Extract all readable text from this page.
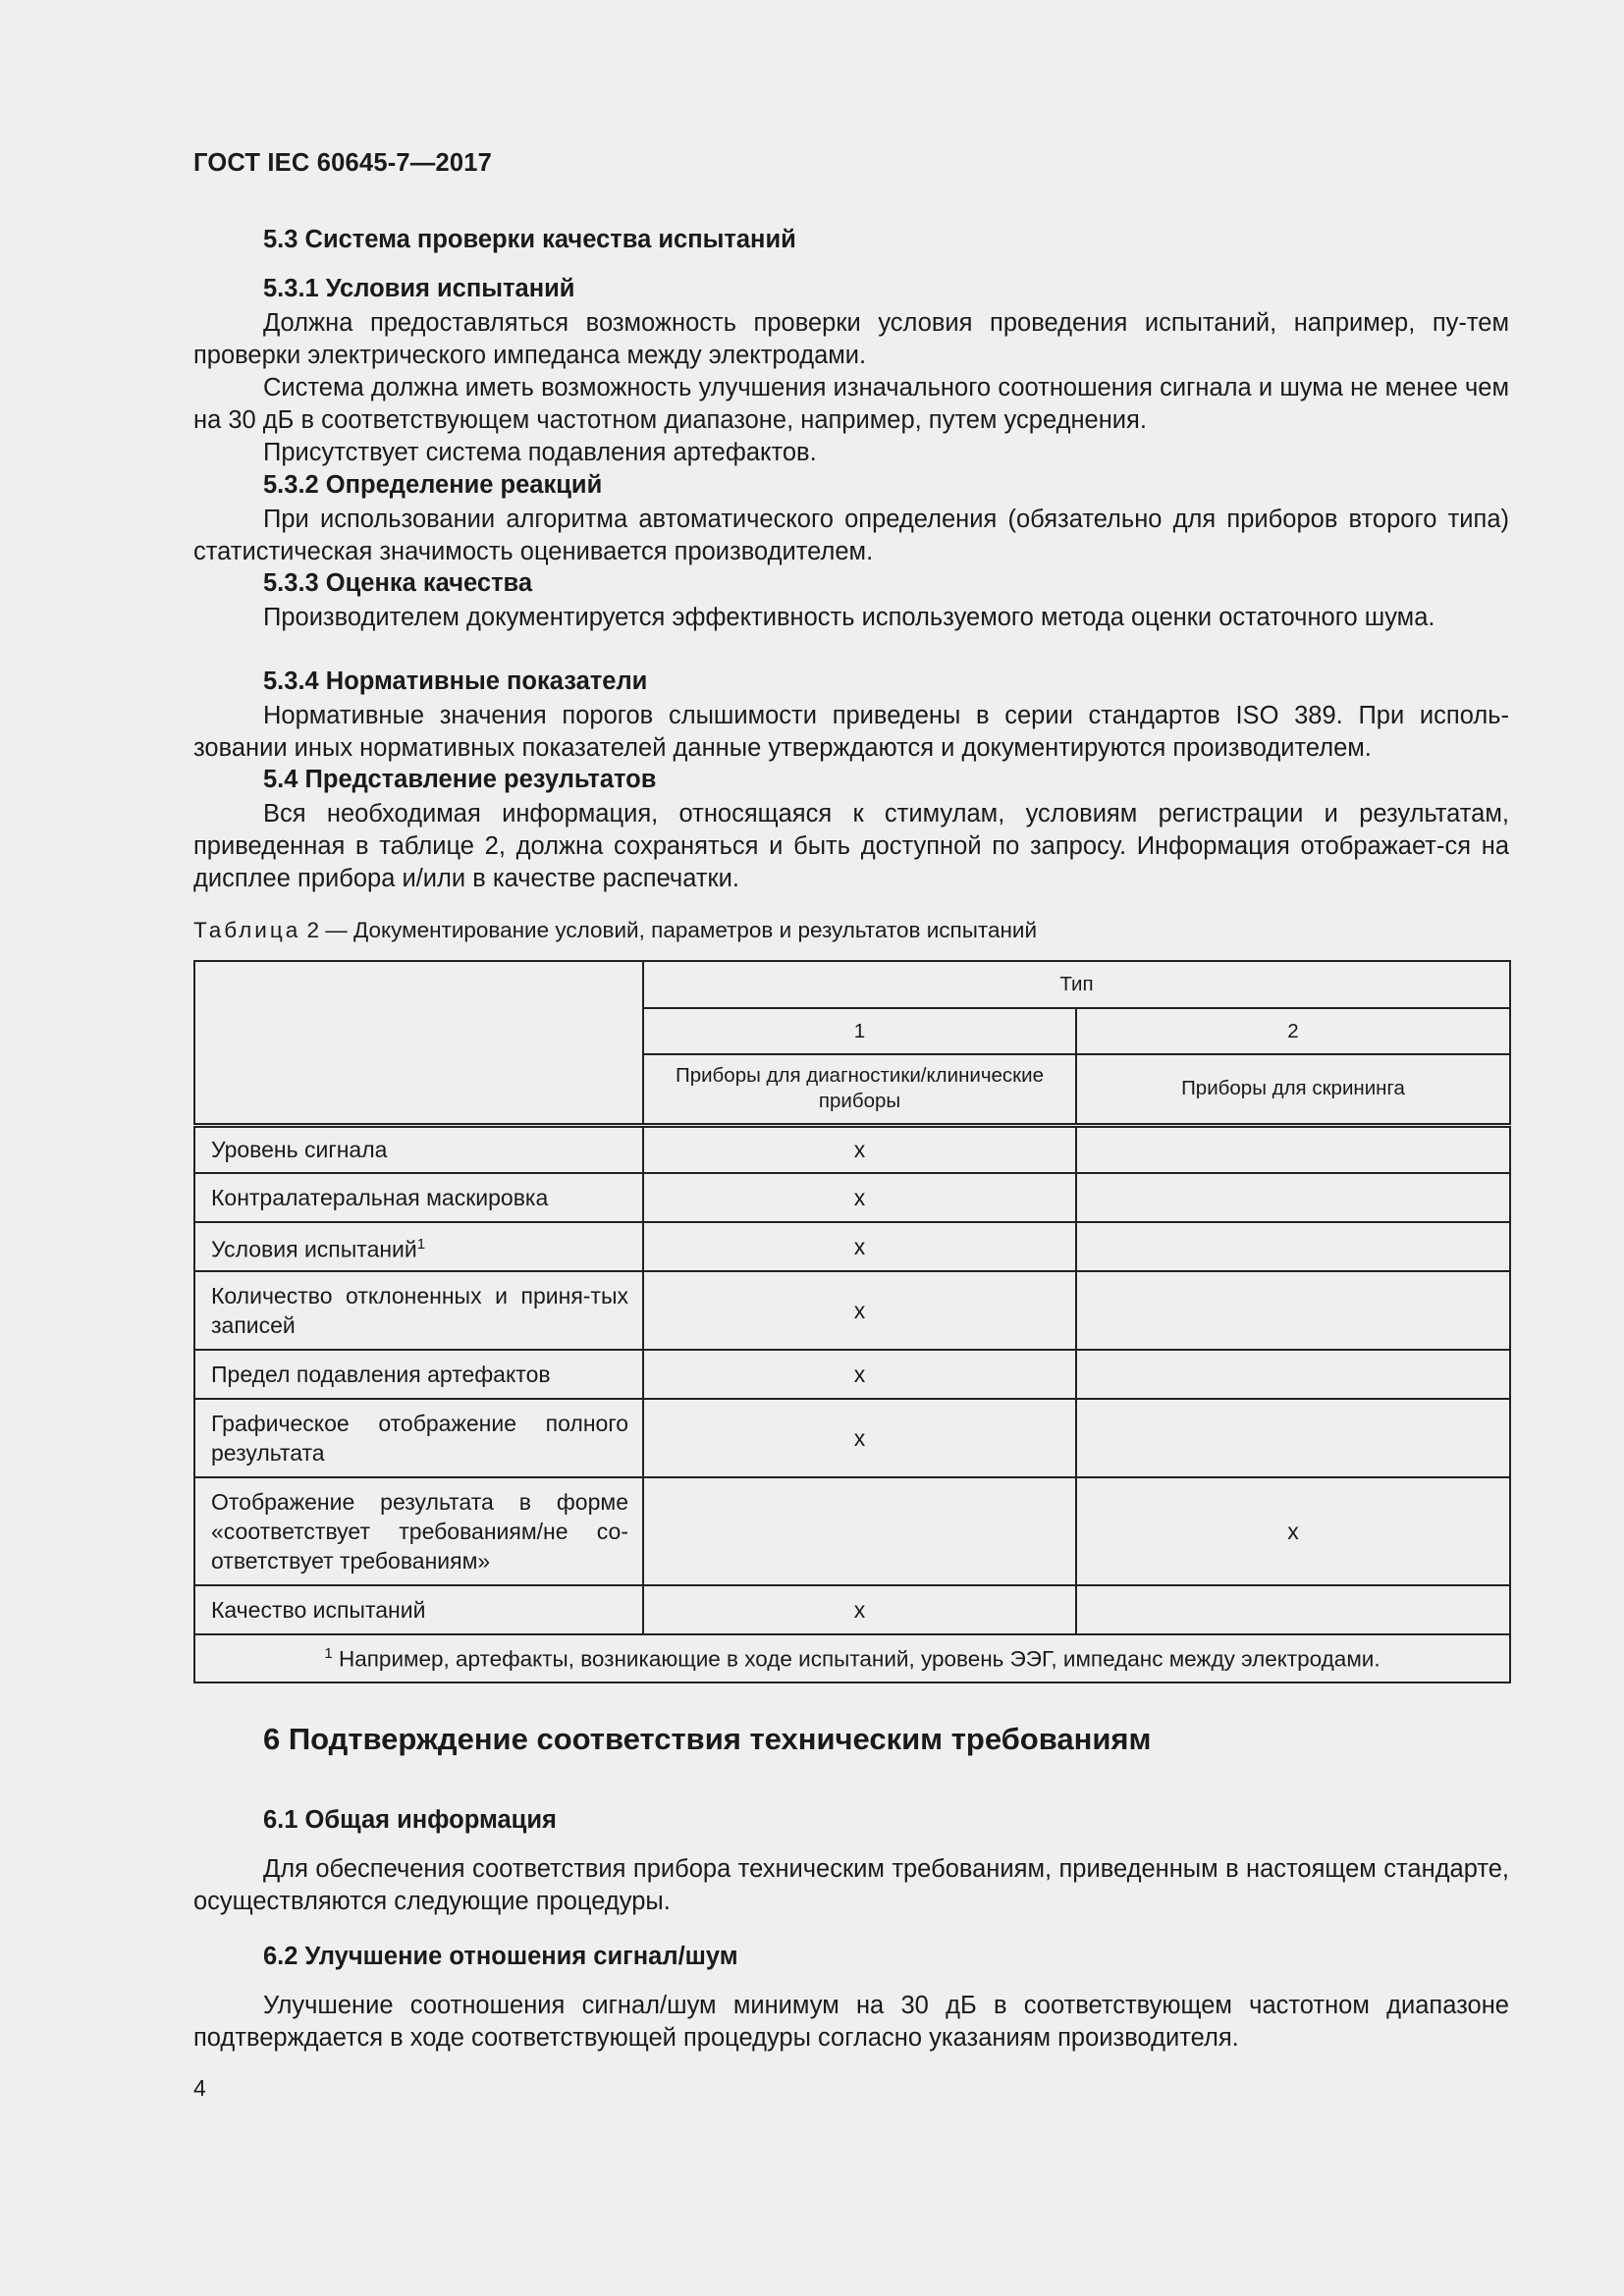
ГОСТ IEC 60645-7—2017
5.3 Система проверки качества испытаний
5.3.1 Условия испытаний

Должна предоставляться возможность проверки условия проведения испытаний, например, пу-тем проверки электрического импеданса между электродами.

Система должна иметь возможность улучшения изначального соотношения сигнала и шума не менее чем на 30 дБ в соответствующем частотном диапазоне, например, путем усреднения.

Присутствует система подавления артефактов.

5.3.2 Определение реакций

При использовании алгоритма автоматического определения (обязательно для приборов второго типа) статистическая значимость оценивается производителем.

5.3.3 Оценка качества

Производителем документируется эффективность используемого метода оценки остаточного шума.

5.3.4 Нормативные показатели

Нормативные значения порогов слышимости приведены в серии стандартов ISO 389. При исполь-зовании иных нормативных показателей данные утверждаются и документируются производителем.

5.4 Представление результатов

Вся необходимая информация, относящаяся к стимулам, условиям регистрации и результатам, приведенная в таблице 2, должна сохраняться и быть доступной по запросу. Информация отображает-ся на дисплее прибора и/или в качестве распечатки.

Таблица 2 — Документирование условий, параметров и результатов испытаний
	Тип	
	1	2
	Приборы для диагностики/клинические приборы	Приборы для скрининга
Уровень сигнала	x	
Контралатеральная маскировка	x	
Условия испытаний$^1$	x	
Количество отклоненных и приня-тых записей	x	
Предел подавления артефактов	x	
Графическое отображение полного результата	x	
Отображение результата в форме «соответствует требованиям/не со-ответствует требованиям»		x
Качество испытаний	x	
$^1$ Например, артефакты, возникающие в ходе испытаний, уровень ЭЭГ, импеданс между электродами.		
6 Подтверждение соответствия техническим требованиям
6.1 Общая информация

Для обеспечения соответствия прибора техническим требованиям, приведенным в настоящем стандарте, осуществляются следующие процедуры.

6.2 Улучшение отношения сигнал/шум

Улучшение соотношения сигнал/шум минимум на 30 дБ в соответствующем частотном диапазоне подтверждается в ходе соответствующей процедуры согласно указаниям производителя.

4
